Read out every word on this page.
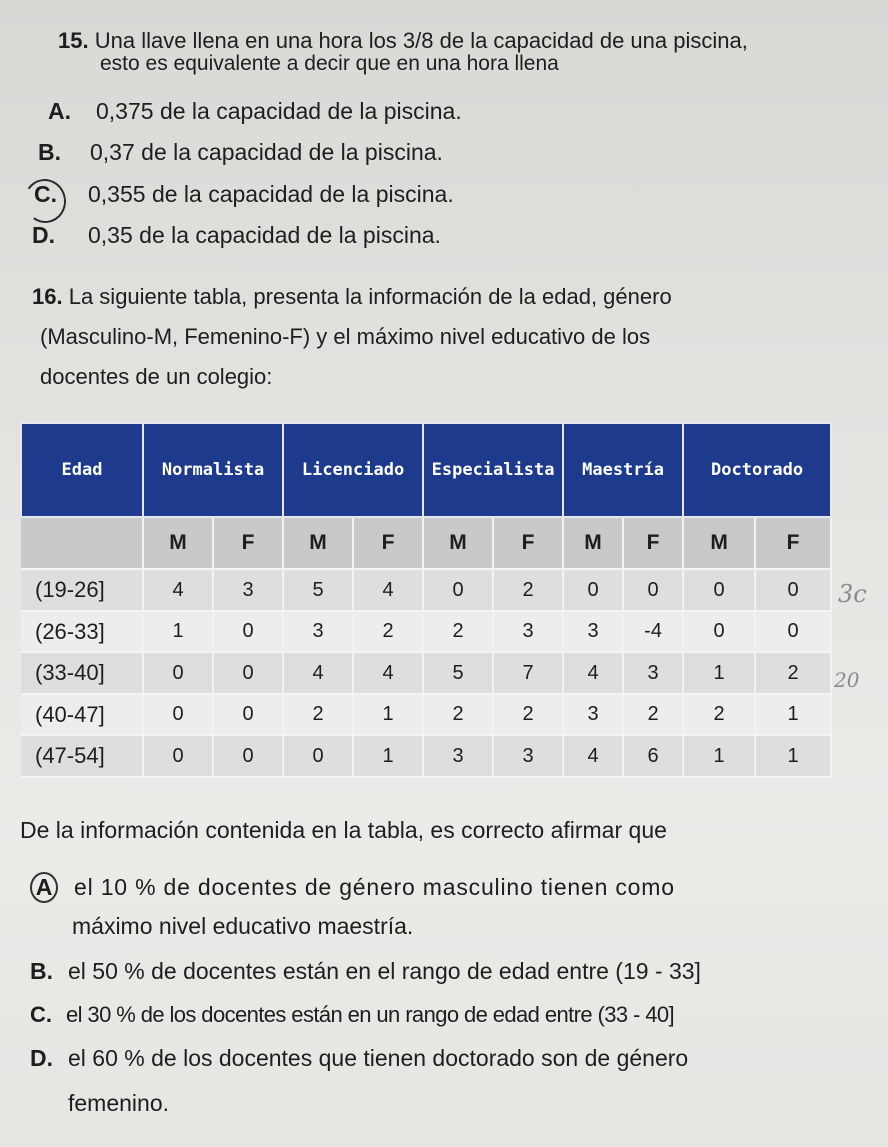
15. Una llave llena en una hora los 3/8 de la capacidad de una piscina,
esto es equivalente a decir que en una hora llena
A. 0,375 de la capacidad de la piscina.
B. 0,37 de la capacidad de la piscina.
C. 0,355 de la capacidad de la piscina.
D. 0,35 de la capacidad de la piscina.
16. La siguiente tabla, presenta la información de la edad, género
(Masculino-M, Femenino-F) y el máximo nivel educativo de los
docentes de un colegio:
Edad	Normalista		Licenciado		Especialista		Maestría		Doctorado	
	M	F	M	F	M	F	M	F	M	F
(19-26]	4	3	5	4	0	2	0	0	0	0
(26-33]	1	0	3	2	2	3	3	-4	0	0
(33-40]	0	0	4	4	5	7	4	3	1	2
(40-47]	0	0	2	1	2	2	3	2	2	1
(47-54]	0	0	0	1	3	3	4	6	1	1
3c
20
De la información contenida en la tabla, es correcto afirmar que
A el 10 % de docentes de género masculino tienen como
máximo nivel educativo maestría.
B. el 50 % de docentes están en el rango de edad entre (19 - 33]
C. el 30 % de los docentes están en un rango de edad entre (33 - 40]
D. el 60 % de los docentes que tienen doctorado son de género
femenino.
